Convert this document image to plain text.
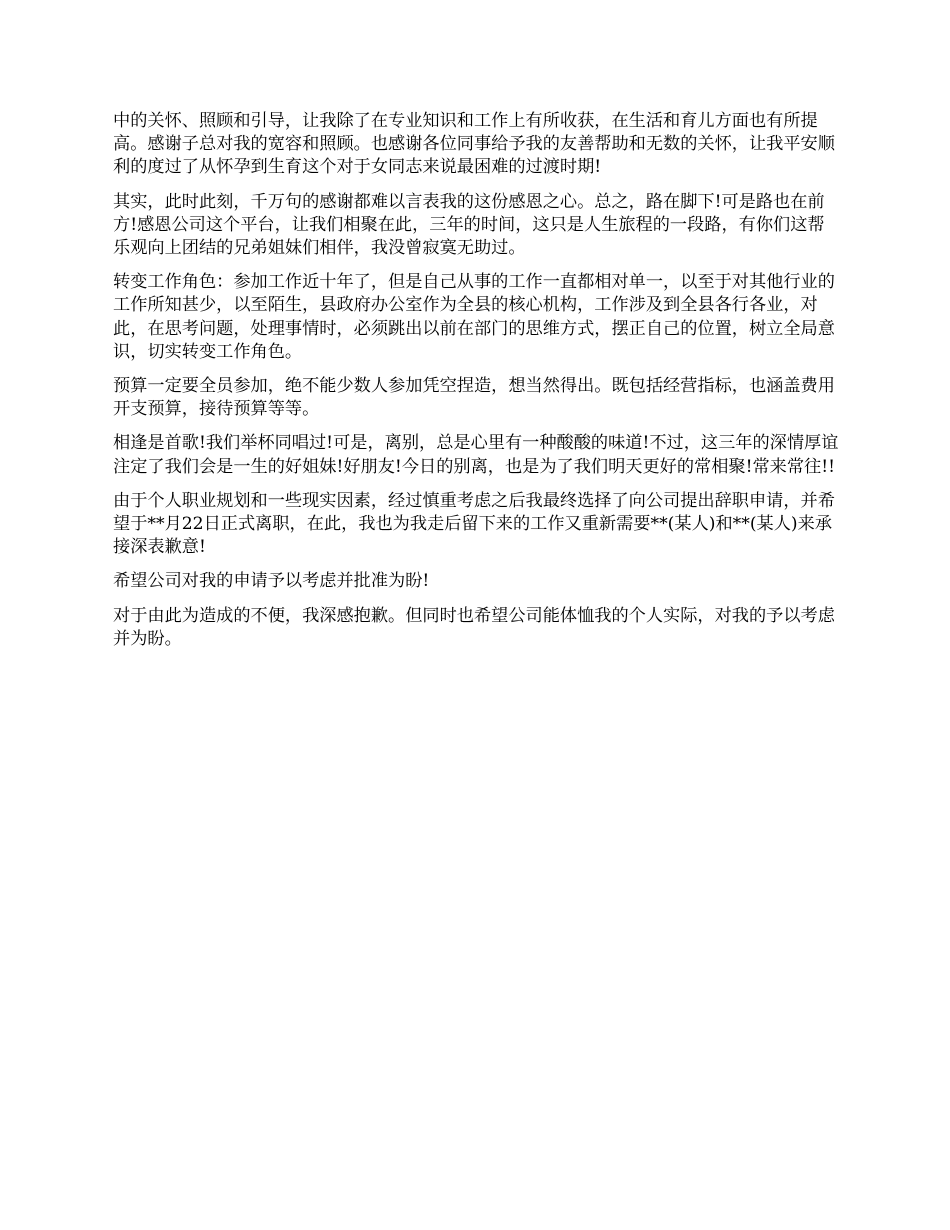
中的关怀、照顾和引导，让我除了在专业知识和工作上有所收获，在生活和育儿方面也有所提高。感谢子总对我的宽容和照顾。也感谢各位同事给予我的友善帮助和无数的关怀，让我平安顺利的度过了从怀孕到生育这个对于女同志来说最困难的过渡时期!

其实，此时此刻，千万句的感谢都难以言表我的这份感恩之心。总之，路在脚下!可是路也在前方!感恩公司这个平台，让我们相聚在此，三年的时间，这只是人生旅程的一段路，有你们这帮乐观向上团结的兄弟姐妹们相伴，我没曾寂寞无助过。

转变工作角色：参加工作近十年了，但是自己从事的工作一直都相对单一，以至于对其他行业的工作所知甚少，以至陌生，县政府办公室作为全县的核心机构，工作涉及到全县各行各业，对此，在思考问题，处理事情时，必须跳出以前在部门的思维方式，摆正自己的位置，树立全局意识，切实转变工作角色。

预算一定要全员参加，绝不能少数人参加凭空捏造，想当然得出。既包括经营指标，也涵盖费用开支预算，接待预算等等。

相逢是首歌!我们举杯同唱过!可是，离别，总是心里有一种酸酸的味道!不过，这三年的深情厚谊注定了我们会是一生的好姐妹!好朋友!今日的别离，也是为了我们明天更好的常相聚!常来常往!!

由于个人职业规划和一些现实因素，经过慎重考虑之后我最终选择了向公司提出辞职申请，并希望于**月22日正式离职，在此，我也为我走后留下来的工作又重新需要**(某人)和**(某人)来承接深表歉意!

希望公司对我的申请予以考虑并批准为盼!

对于由此为造成的不便，我深感抱歉。但同时也希望公司能体恤我的个人实际，对我的予以考虑并为盼。
